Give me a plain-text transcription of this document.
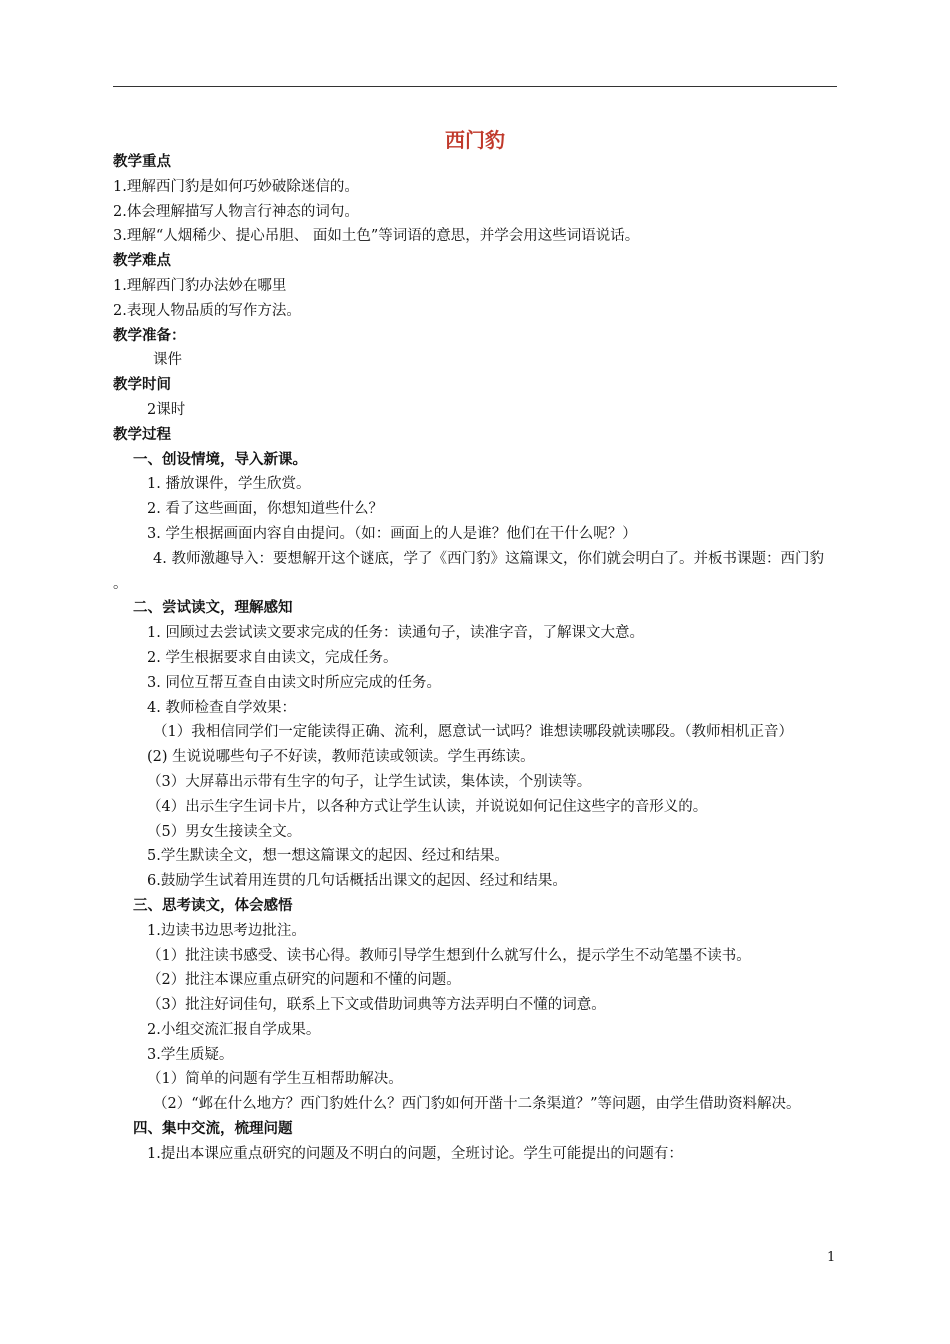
西门豹

教学重点

1.理解西门豹是如何巧妙破除迷信的。

2.体会理解描写人物言行神态的词句。

3.理解“人烟稀少、提心吊胆、 面如土色”等词语的意思，并学会用这些词语说话。

教学难点

1.理解西门豹办法妙在哪里

2.表现人物品质的写作方法。

教学准备：

课件

教学时间

2课时

教学过程

一、创设情境，导入新课。

1. 播放课件，学生欣赏。

2. 看了这些画面，你想知道些什么？

3. 学生根据画面内容自由提问。（如：画面上的人是谁？他们在干什么呢？）

4. 教师激趣导入：要想解开这个谜底，学了《西门豹》这篇课文，你们就会明白了。并板书课题：西门豹 。

二、尝试读文，理解感知

1. 回顾过去尝试读文要求完成的任务：读通句子，读准字音，了解课文大意。

2. 学生根据要求自由读文，完成任务。

3. 同位互帮互查自由读文时所应完成的任务。

4. 教师检查自学效果：

（1）我相信同学们一定能读得正确、流利，愿意试一试吗？谁想读哪段就读哪段。（教师相机正音）

(2) 生说说哪些句子不好读，教师范读或领读。学生再练读。

（3）大屏幕出示带有生字的句子，让学生试读，集体读，个别读等。

（4）出示生字生词卡片，以各种方式让学生认读，并说说如何记住这些字的音形义的。

（5）男女生接读全文。

5.学生默读全文，想一想这篇课文的起因、经过和结果。

6.鼓励学生试着用连贯的几句话概括出课文的起因、经过和结果。

三、思考读文，体会感悟

1.边读书边思考边批注。

（1）批注读书感受、读书心得。教师引导学生想到什么就写什么，提示学生不动笔墨不读书。

（2）批注本课应重点研究的问题和不懂的问题。

（3）批注好词佳句，联系上下文或借助词典等方法弄明白不懂的词意。

2.小组交流汇报自学成果。

3.学生质疑。

（1）简单的问题有学生互相帮助解决。

（2）“邺在什么地方？西门豹姓什么？西门豹如何开凿十二条渠道？”等问题，由学生借助资料解决。

四、集中交流，梳理问题

1.提出本课应重点研究的问题及不明白的问题，全班讨论。学生可能提出的问题有：

1
